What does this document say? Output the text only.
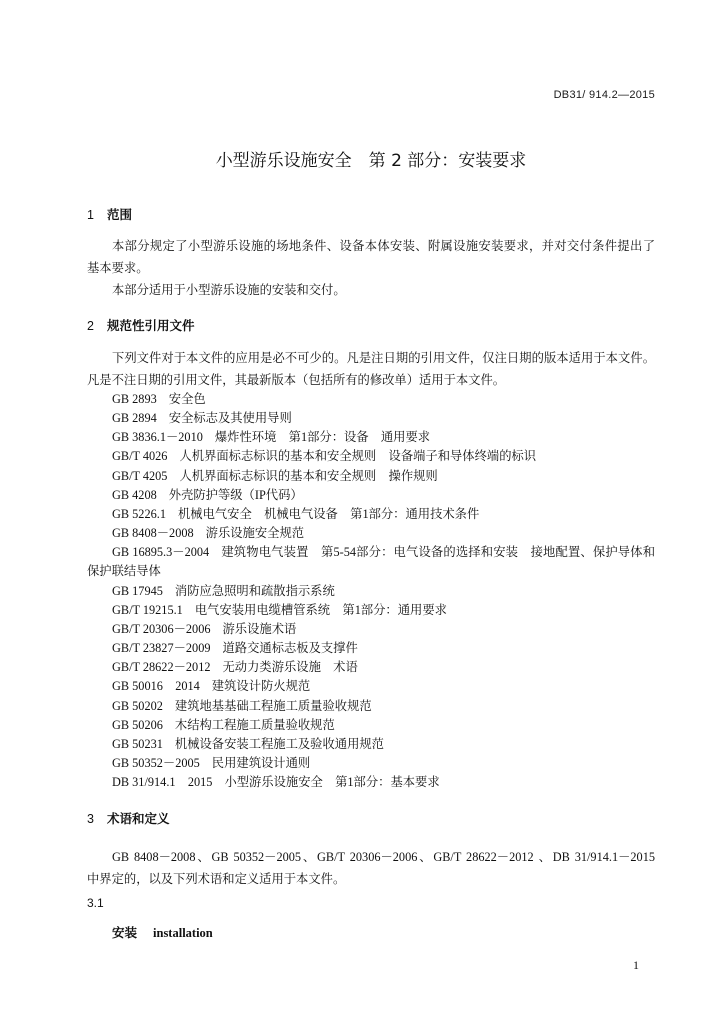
DB31/ 914.2—2015
小型游乐设施安全　第 2 部分：安装要求
1 范围
本部分规定了小型游乐设施的场地条件、设备本体安装、附属设施安装要求，并对交付条件提出了
基本要求。
本部分适用于小型游乐设施的安装和交付。
2 规范性引用文件
下列文件对于本文件的应用是必不可少的。凡是注日期的引用文件，仅注日期的版本适用于本文件。
凡是不注日期的引用文件，其最新版本（包括所有的修改单）适用于本文件。
GB 2893 安全色
GB 2894 安全标志及其使用导则
GB 3836.1－2010 爆炸性环境　第1部分：设备　通用要求
GB/T 4026 人机界面标志标识的基本和安全规则　设备端子和导体终端的标识
GB/T 4205 人机界面标志标识的基本和安全规则　操作规则
GB 4208 外壳防护等级（IP代码）
GB 5226.1 机械电气安全　机械电气设备　第1部分：通用技术条件
GB 8408－2008 游乐设施安全规范
GB 16895.3－2004 建筑物电气装置　第5-54部分：电气设备的选择和安装　接地配置、保护导体和
保护联结导体
GB 17945 消防应急照明和疏散指示系统
GB/T 19215.1 电气安装用电缆槽管系统　第1部分：通用要求
GB/T 20306－2006 游乐设施术语
GB/T 23827－2009 道路交通标志板及支撑件
GB/T 28622－2012 无动力类游乐设施　术语
GB 50016　2014 建筑设计防火规范
GB 50202 建筑地基基础工程施工质量验收规范
GB 50206 木结构工程施工质量验收规范
GB 50231 机械设备安装工程施工及验收通用规范
GB 50352－2005 民用建筑设计通则
DB 31/914.1　2015 小型游乐设施安全　第1部分：基本要求
3 术语和定义
GB 8408－2008、GB 50352－2005、GB/T 20306－2006、GB/T 28622－2012 、DB 31/914.1－2015
中界定的，以及下列术语和定义适用于本文件。
3.1
安装 installation
1
